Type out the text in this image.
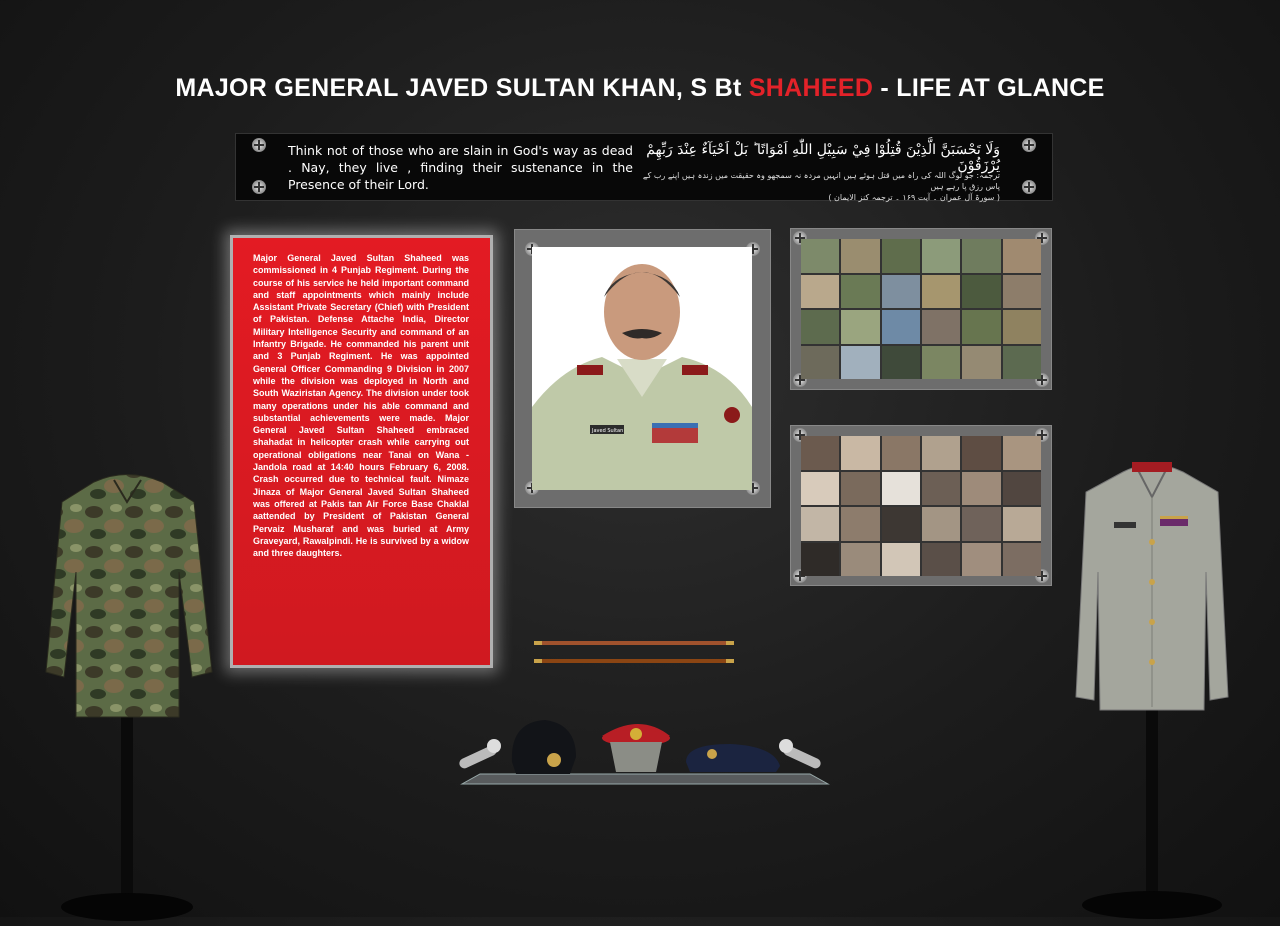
MAJOR GENERAL JAVED SULTAN KHAN, S Bt SHAHEED - LIFE AT GLANCE
Think not of those who are slain in God's way as dead . Nay, they live , finding their sustenance in the Presence of their Lord.
وَلَا تَحْسَبَنَّ الَّذِيْنَ قُتِلُوْا فِيْ سَبِيْلِ اللّٰهِ اَمْوَاتًا ؕ بَلْ اَحْيَآءٌ عِنْدَ رَبِّهِمْ يُرْزَقُوْنَ
ترجمہ: جو لوگ اللہ کی راہ میں قتل ہوئے ہیں انہیں مردہ نہ سمجھو وہ حقیقت میں زندہ ہیں اپنے رب کے پاس رزق پا رہے ہیں
( سورۃ آل عمران ۔ آیت ۱۶۹ ۔ ترجمہ کنز الایمان )
Major General Javed Sultan Shaheed was commissioned in 4 Punjab Regiment. During the course of his service he held important command and staff appointments which mainly include Assistant Private Secretary (Chief) with President of Pakistan. Defense Attache India, Director Military Intelligence Security and command of an Infantry Brigade. He commanded his parent unit and 3 Punjab Regiment. He was appointed General Officer Commanding 9 Division in 2007 while the division was deployed in North and South Waziristan Agency. The division under took many operations under his able command and substantial achievements were made. Major General Javed Sultan Shaheed embraced shahadat in helicopter crash while carrying out operational obligations near Tanai on Wana - Jandola road at 14:40 hours February 6, 2008. Crash occurred due to technical fault. Nimaze Jinaza of Major General Javed Sultan Shaheed was offered at Pakis tan Air Force Base Chaklal aattended by President of Pakistan General Pervaiz Musharaf and was buried at Army Graveyard, Rawalpindi. He is survived by a widow and three daughters.
Javed Sultan
